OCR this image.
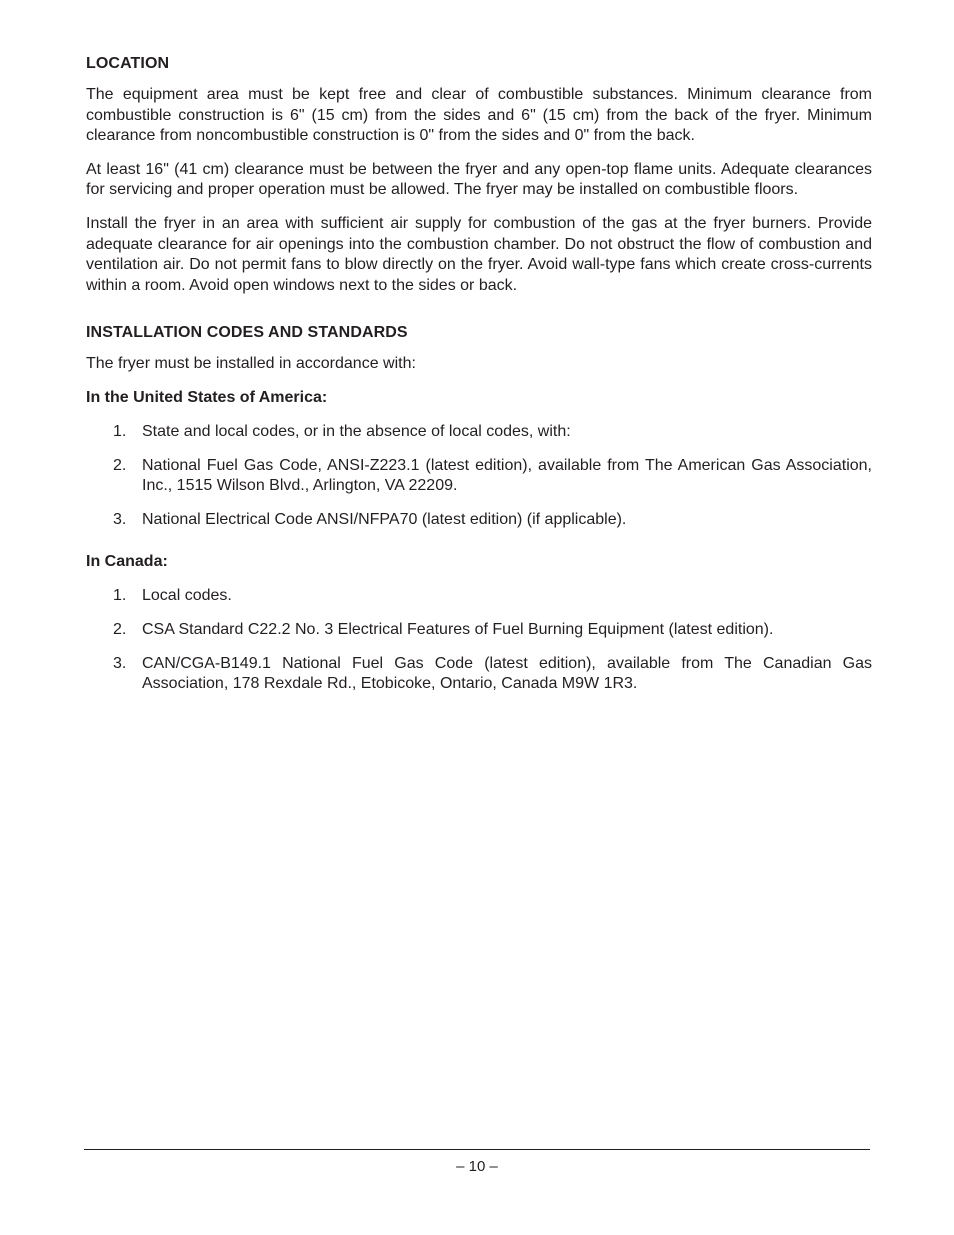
LOCATION

The equipment area must be kept free and clear of combustible substances. Minimum clearance from combustible construction is 6" (15 cm) from the sides and 6" (15 cm) from the back of the fryer. Minimum clearance from noncombustible construction is 0" from the sides and 0" from the back.

At least 16" (41 cm) clearance must be between the fryer and any open-top flame units. Adequate clearances for servicing and proper operation must be allowed. The fryer may be installed on combustible floors.

Install the fryer in an area with sufficient air supply for combustion of the gas at the fryer burners. Provide adequate clearance for air openings into the combustion chamber. Do not obstruct the flow of combustion and ventilation air. Do not permit fans to blow directly on the fryer. Avoid wall-type fans which create cross-currents within a room. Avoid open windows next to the sides or back.

INSTALLATION CODES AND STANDARDS

The fryer must be installed in accordance with:

In the United States of America:
1. State and local codes, or in the absence of local codes, with:
2. National Fuel Gas Code, ANSI-Z223.1 (latest edition), available from The American Gas Association, Inc., 1515 Wilson Blvd., Arlington, VA 22209.
3. National Electrical Code ANSI/NFPA70 (latest edition) (if applicable).
In Canada:
1. Local codes.
2. CSA Standard C22.2 No. 3 Electrical Features of Fuel Burning Equipment (latest edition).
3. CAN/CGA-B149.1 National Fuel Gas Code (latest edition), available from The Canadian Gas Association, 178 Rexdale Rd., Etobicoke, Ontario, Canada M9W 1R3.
– 10 –
